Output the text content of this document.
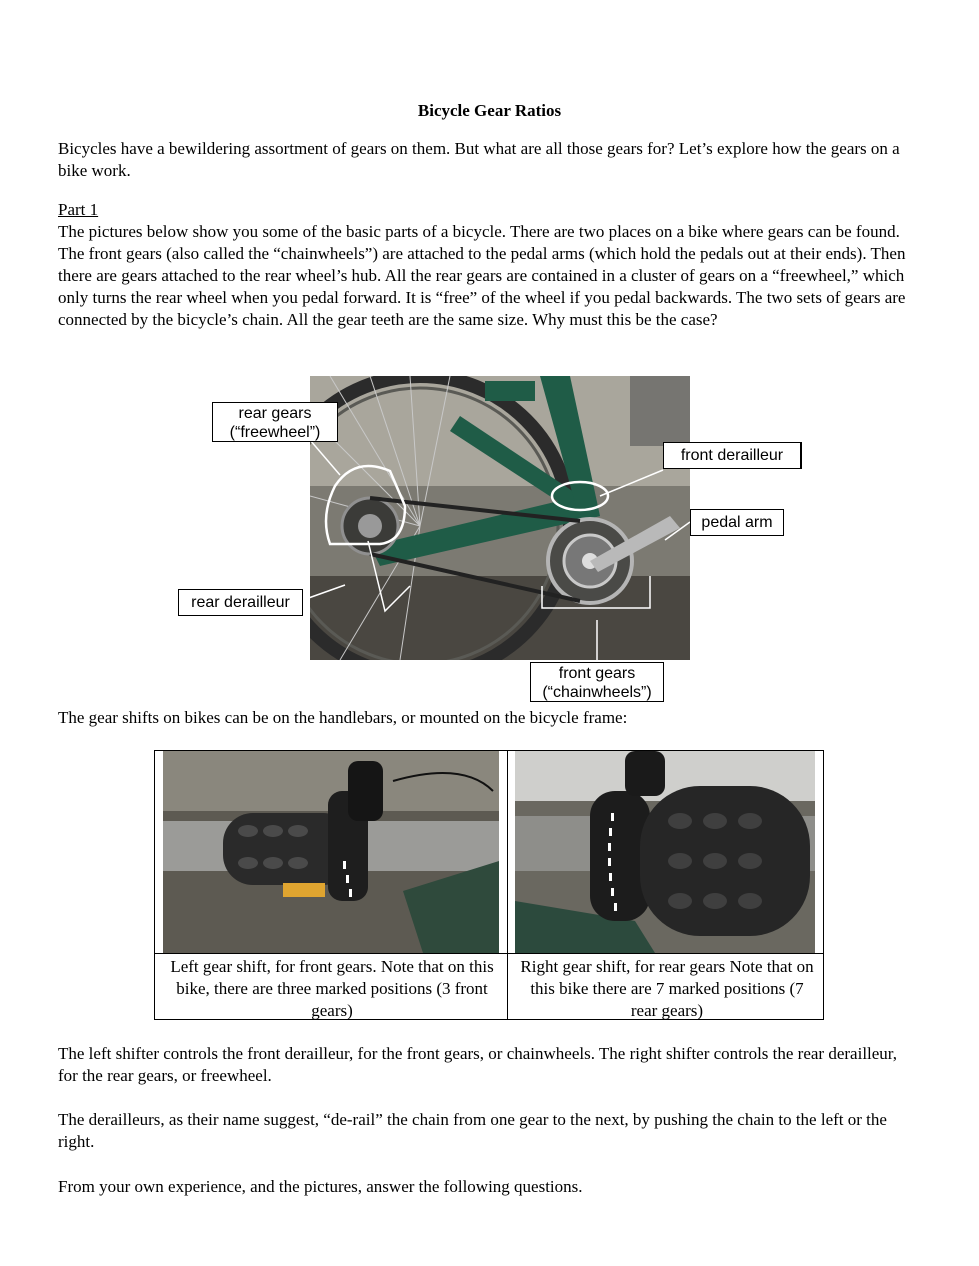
Bicycle Gear Ratios
Bicycles have a bewildering assortment of gears on them. But what are all those gears for? Let’s explore how the gears on a bike work.
Part 1
The pictures below show you some of the basic parts of a bicycle. There are two places on a bike where gears can be found. The front gears (also called the “chainwheels”) are attached to the pedal arms (which hold the pedals out at their ends). Then there are gears attached to the rear wheel’s hub. All the rear gears are contained in a cluster of gears on a “freewheel,” which only turns the rear wheel when you pedal forward. It is “free” of the wheel if you pedal backwards. The two sets of gears are connected by the bicycle’s chain. All the gear teeth are the same size. Why must this be the case?
rear gears
(“freewheel”)
front derailleur
pedal arm
rear derailleur
front gears
(“chainwheels”)
The gear shifts on bikes can be on the handlebars, or mounted on the bicycle frame:
Left gear shift, for front gears. Note that on this bike, there are three marked positions (3 front gears)
Right gear shift, for rear gears Note that on this bike there are 7 marked positions (7 rear gears)
The left shifter controls the front derailleur, for the front gears, or chainwheels. The right shifter controls the rear derailleur, for the rear gears, or freewheel.
The derailleurs, as their name suggest, “de-rail” the chain from one gear to the next, by pushing the chain to the left or the right.
From your own experience, and the pictures, answer the following questions.
